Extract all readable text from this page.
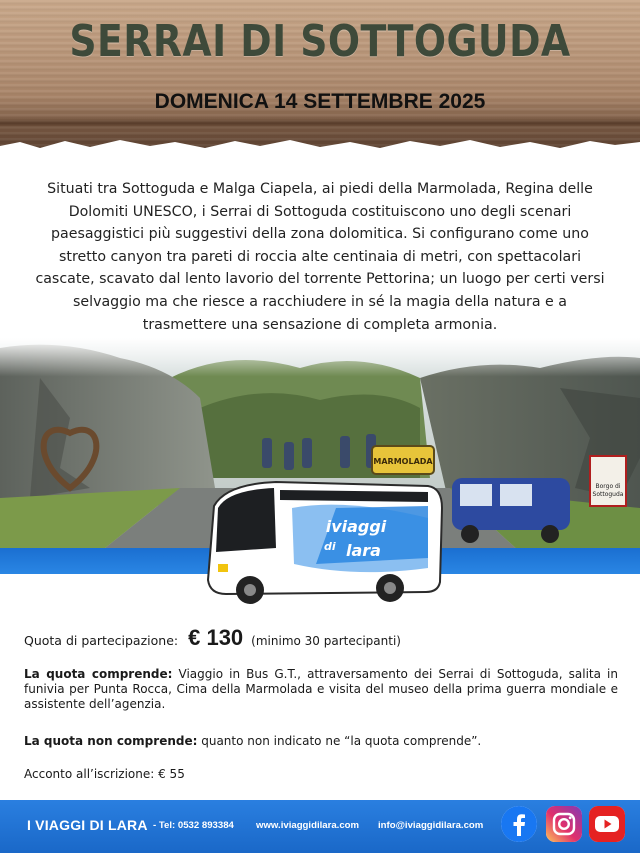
SERRAI DI SOTTOGUDA
DOMENICA 14 SETTEMBRE 2025
Situati tra Sottoguda e Malga Ciapela, ai piedi della Marmolada, Regina delle Dolomiti UNESCO, i Serrai di Sottoguda costituiscono uno degli scenari paesaggistici più suggestivi della zona dolomitica. Si configurano come uno stretto canyon tra pareti di roccia alte centinaia di metri, con spettacolari cascate, scavato dal lento lavorio del torrente Pettorina; un luogo per certi versi selvaggio ma che riesce a racchiudere in sé la magia della natura e a trasmettere una sensazione di completa armonia.
iviaggi
di lara
Quota di partecipazione: € 130 (minimo 30 partecipanti)
La quota comprende: Viaggio in Bus G.T., attraversamento dei Serrai di Sottoguda, salita in funivia per Punta Rocca, Cima della Marmolada e visita del museo della prima guerra mondiale e assistente dell’agenzia.
La quota non comprende: quanto non indicato ne “la quota comprende”.
Acconto all’iscrizione: € 55
I VIAGGI DI LARA - Tel: 0532 893384 www.iviaggidilara.com info@iviaggidilara.com
